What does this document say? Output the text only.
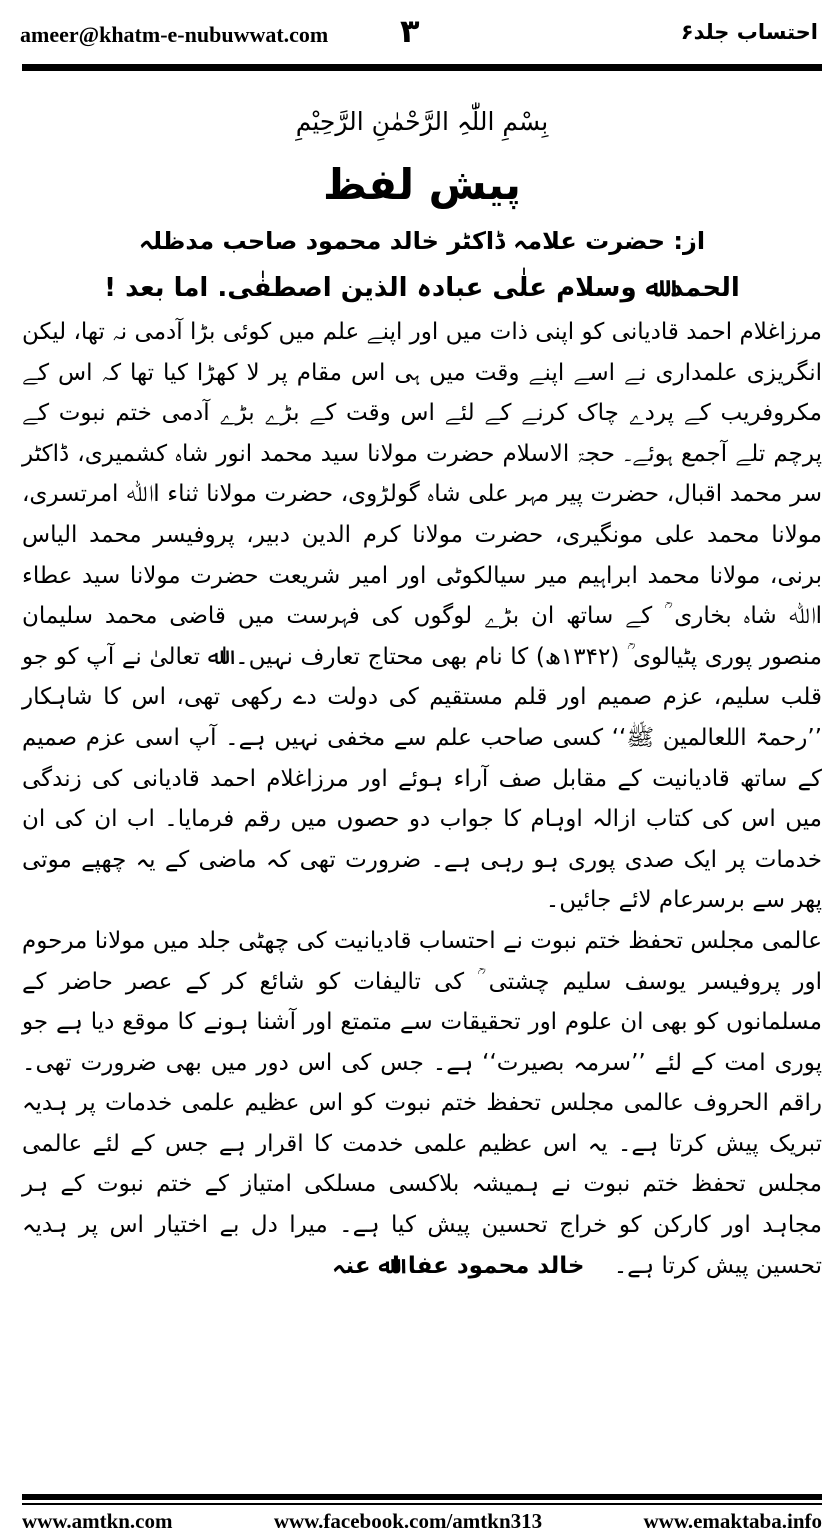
ameer@khatm-e-nubuwwat.com ۳	احتساب جلد۶
بِسْمِ اللّٰہِ الرَّحْمٰنِ الرَّحِیْمِ
پیش لفظ
از: حضرت علامہ ڈاکٹر خالد محمود صاحب مدظلہ
الحمد ﷲ وسلام علٰی عبادہ الذین اصطفٰی. اما بعد !

مرزاغلام احمد قادیانی کو اپنی ذات میں اور اپنے علم میں کوئی بڑا آدمی نہ تھا، لیکن انگریزی علمداری نے اسے اپنے وقت میں ہی اس مقام پر لا کھڑا کیا تھا کہ اس کے مکروفریب کے پردے چاک کرنے کے لئے اس وقت کے بڑے بڑے آدمی ختم نبوت کے پرچم تلے آجمع ہوئے۔ حجۃ الاسلام حضرت مولانا سید محمد انور شاہ کشمیری، ڈاکٹر سر محمد اقبال، حضرت پیر مہر علی شاہ گولڑوی، حضرت مولانا ثناء اﷲ امرتسری، مولانا محمد علی مونگیری، حضرت مولانا کرم الدین دبیر، پروفیسر محمد الیاس برنی، مولانا محمد ابراہیم میر سیالکوٹی اور امیر شریعت حضرت مولانا سید عطاء اﷲ شاہ بخاری ؒ کے ساتھ ان بڑے لوگوں کی فہرست میں قاضی محمد سلیمان منصور پوری پٹیالوی ؒ (۱۳۴۲ھ) کا نام بھی محتاج تعارف نہیں۔ اﷲ تعالیٰ نے آپ کو جو قلب سلیم، عزم صمیم اور قلم مستقیم کی دولت دے رکھی تھی، اس کا شاہکار ’’رحمۃ اللعالمین ﷺ‘‘ کسی صاحب علم سے مخفی نہیں ہے۔ آپ اسی عزم صمیم کے ساتھ قادیانیت کے مقابل صف آراء ہوئے اور مرزاغلام احمد قادیانی کی زندگی میں اس کی کتاب ازالہ اوہام کا جواب دو حصوں میں رقم فرمایا۔ اب ان کی ان خدمات پر ایک صدی پوری ہو رہی ہے۔ ضرورت تھی کہ ماضی کے یہ چھپے موتی پھر سے برسرعام لائے جائیں۔

عالمی مجلس تحفظ ختم نبوت نے احتساب قادیانیت کی چھٹی جلد میں مولانا مرحوم اور پروفیسر یوسف سلیم چشتی ؒ کی تالیفات کو شائع کر کے عصر حاضر کے مسلمانوں کو بھی ان علوم اور تحقیقات سے متمتع اور آشنا ہونے کا موقع دیا ہے جو پوری امت کے لئے ’’سرمہ بصیرت‘‘ ہے۔ جس کی اس دور میں بھی ضرورت تھی۔ راقم الحروف عالمی مجلس تحفظ ختم نبوت کو اس عظیم علمی خدمات پر ہدیہ تبریک پیش کرتا ہے۔ یہ اس عظیم علمی خدمت کا اقرار ہے جس کے لئے عالمی مجلس تحفظ ختم نبوت نے ہمیشہ بلاکسی مسلکی امتیاز کے ختم نبوت کے ہر مجاہد اور کارکن کو خراج تحسین پیش کیا ہے۔ میرا دل بے اختیار اس پر ہدیہ تحسین پیش کرتا ہے۔    خالد محمود عفا اﷲ عنہ

www.amtkn.com	www.facebook.com/amtkn313	www.emaktaba.info
